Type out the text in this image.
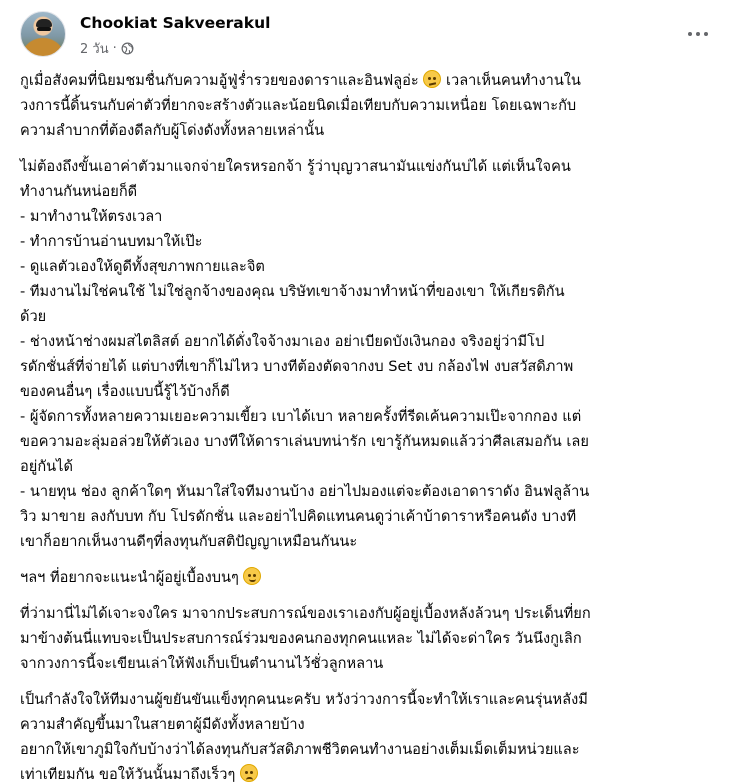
Chookiat Sakveerakul
2 วัน ·

กูเมื่อสังคมที่นิยมชมชื่นกับความอู้ฟู่ร่ำรวยของดาราและอินฟลูอ่ะ เวลาเห็นคนทำงานใน

วงการนี้ดิ้นรนกับค่าตัวที่ยากจะสร้างตัวและน้อยนิดเมื่อเทียบกับความเหนื่อย โดยเฉพาะกับ

ความลำบากที่ต้องดีลกับผู้โด่งดังทั้งหลายเหล่านั้น

ไม่ต้องถึงขั้นเอาค่าตัวมาแจกจ่ายใครหรอกจ้า รู้ว่าบุญวาสนามันแข่งกันบ่ได้ แต่เห็นใจคน

ทำงานกันหน่อยก็ดี

- มาทำงานให้ตรงเวลา

- ทำการบ้านอ่านบทมาให้เป๊ะ

- ดูแลตัวเองให้ดูดีทั้งสุขภาพกายและจิต

- ทีมงานไม่ใช่คนใช้ ไม่ใช่ลูกจ้างของคุณ บริษัทเขาจ้างมาทำหน้าที่ของเขา ให้เกียรติกัน

ด้วย

- ช่างหน้าช่างผมสไตลิสต์ อยากได้ดั่งใจจ้างมาเอง อย่าเบียดบังเงินกอง จริงอยู่ว่ามีโป

รดักชั่นส์ที่จ่ายได้ แต่บางที่เขาก็ไม่ไหว บางทีต้องตัดจากงบ Set งบ กล้องไฟ งบสวัสดิภาพ

ของคนอื่นๆ เรื่องแบบนี้รู้ไว้บ้างก็ดี

- ผู้จัดการทั้งหลายความเยอะความเขี้ยว เบาได้เบา หลายครั้งที่รีดเค้นความเป๊ะจากกอง แต่

ขอความอะลุ่มอล่วยให้ตัวเอง บางทีให้ดาราเล่นบทน่ารัก เขารู้กันหมดแล้วว่าศีลเสมอกัน เลย

อยู่กันได้

- นายทุน ช่อง ลูกค้าใดๆ หันมาใส่ใจทีมงานบ้าง อย่าไปมองแต่จะต้องเอาดาราดัง อินฟลูล้าน

วิว มาขาย ลงกับบท กับ โปรดักชั่น และอย่าไปคิดแทนคนดูว่าเค้าบ้าดาราหรือคนดัง บางที

เขาก็อยากเห็นงานดีๆที่ลงทุนกับสติปัญญาเหมือนกันนะ

ฯลฯ ที่อยากจะแนะนำผู้อยู่เบื้องบนๆ

ที่ว่ามานี่ไม่ได้เจาะจงใคร มาจากประสบการณ์ของเราเองกับผู้อยู่เบื้องหลังล้วนๆ ประเด็นที่ยก

มาข้างต้นนี่แทบจะเป็นประสบการณ์ร่วมของคนกองทุกคนแหละ ไม่ได้จะด่าใคร วันนึงกูเลิก

จากวงการนี้จะเขียนเล่าให้ฟังเก็บเป็นตำนานไว้ชั่วลูกหลาน

เป็นกำลังใจให้ทีมงานผู้ขยันขันแข็งทุกคนนะครับ หวังว่าวงการนี้จะทำให้เราและคนรุ่นหลังมี

ความสำคัญขึ้นมาในสายตาผู้มีดังทั้งหลายบ้าง

อยากให้เขาภูมิใจกับบ้างว่าได้ลงทุนกับสวัสดิภาพชีวิตคนทำงานอย่างเต็มเม็ดเต็มหน่วยและ

เท่าเทียมกัน ขอให้วันนั้นมาถึงเร็วๆ
